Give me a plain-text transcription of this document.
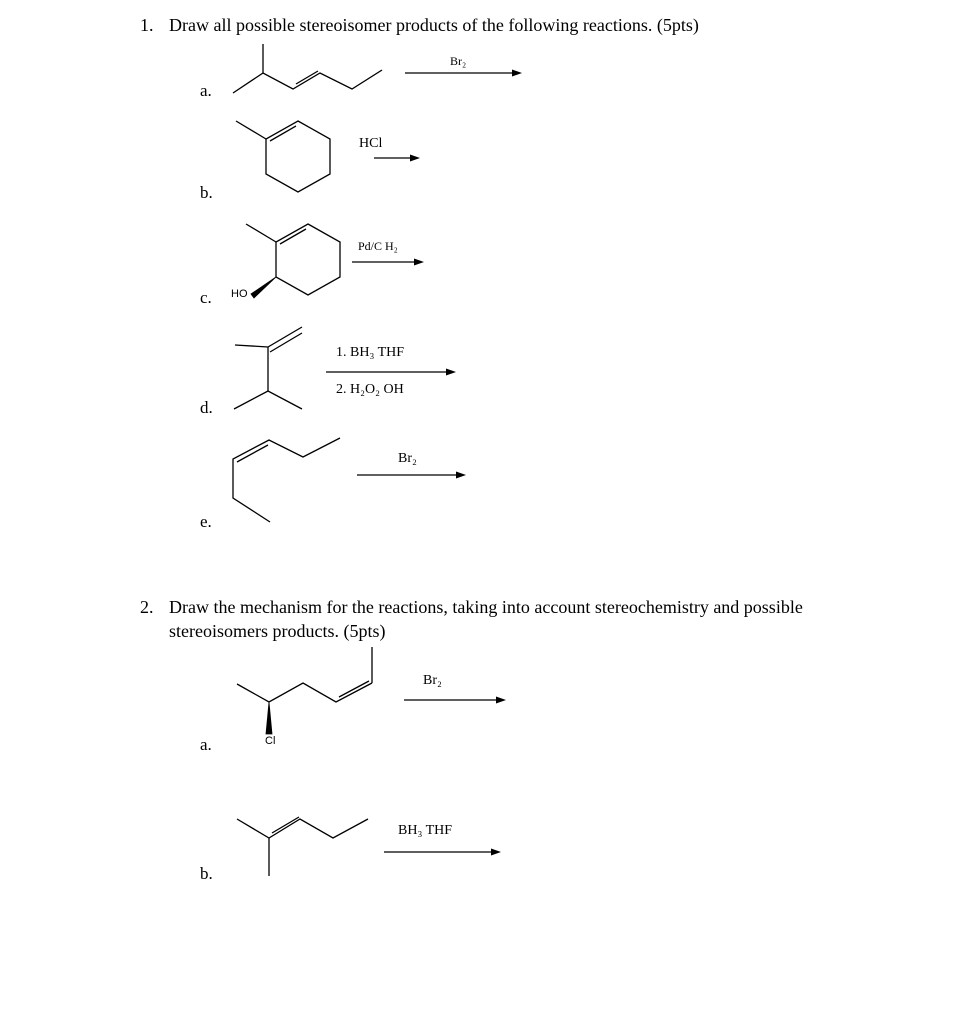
1. Draw all possible stereoisomer products of the following reactions. (5pts)
a.
b.
c.
d.
e.
Br₂
HCl
Pd/C H₂
HO
1. BH₃ THF
2. H₂O₂ OH
Br₂
2. Draw the mechanism for the reactions, taking into account stereochemistry and possible
stereoisomers products. (5pts)
a.
b.
Br₂
Cl
BH₃ THF
